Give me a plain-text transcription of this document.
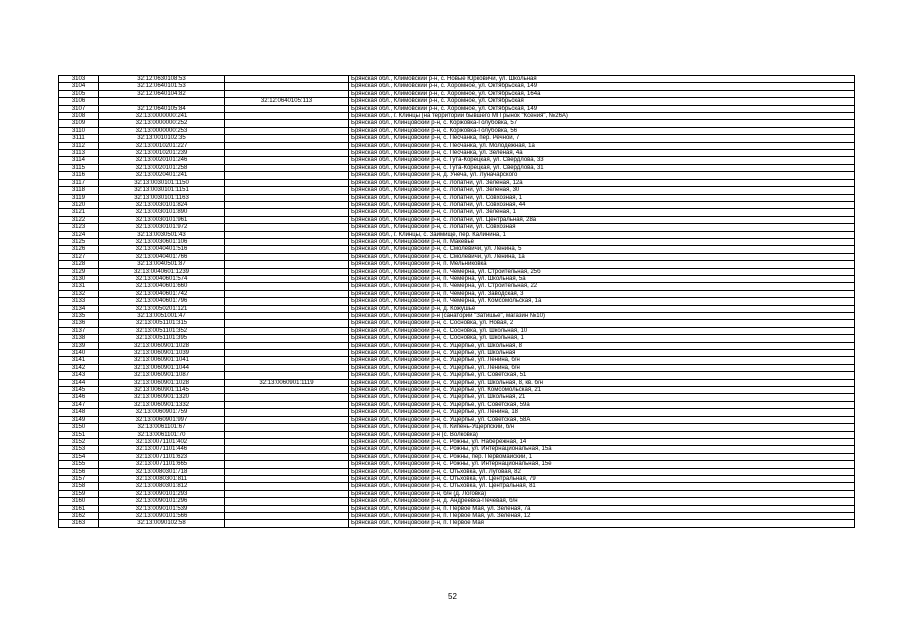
3103	32:12:0630108:53		Брянская обл., Климовский р-н, с. Новые Юрковичи, ул. Школьная
3104	32:12:0640101:53		Брянская обл., Климовский р-н, с. Хоромное, ул. Октябрьская, 149
3105	32:12:0640104:82		Брянская обл., Климовский р-н, с. Хоромное, ул. Октябрьская, 164а
3106		32:12:0640105:113	Брянская обл., Климовский р-н, с. Хоромное, ул. Октябрьская
3107	32:12:0640105:84		Брянская обл., Климовский р-н, с. Хоромное, ул. Октябрьская, 149
3108	32:13:0000000:241		Брянская обл., г. Клинцы (на территории бывшего МП рынок "Ксения", №26А)
3109	32:13:0000000:252		Брянская обл., Клинцовский р-н, с. Коржовка-Голубовка, 57
3110	32:13:0000000:253		Брянская обл., Клинцовский р-н, с. Коржовка-Голубовка, 56
3111	32:13:0010102:35		Брянская обл., Клинцовский р-н, с. Песчанка, пер. Речной, 7
3112	32:13:0010201:227		Брянская обл., Клинцовский р-н, с. Песчанка, ул. Молодежная, 1а
3113	32:13:0010201:239		Брянская обл., Клинцовский р-н, с. Песчанка, ул. Зеленая, 4а
3114	32:13:0020101:246		Брянская обл., Клинцовский р-н, с. Гута-Корецкая, ул. Свердлова, 33
3115	32:13:0020101:258		Брянская обл., Клинцовский р-н, с. Гута-Корецкая, ул. Свердлова, 31
3116	32:13:0020401:241		Брянская обл., Клинцовский р-н, д. Унеча, ул. Луначарского
3117	32:13:0030101:1150		Брянская обл., Клинцовский р-н, с. Лопатни, ул. Зеленая, 12а
3118	32:13:0030101:1151		Брянская обл., Клинцовский р-н, с. Лопатни, ул. Зеленая, 30
3119	32:13:0030101:1163		Брянская обл., Клинцовский р-н, с. Лопатни, ул. Совхозная, 1
3120	32:13:0030101:824		Брянская обл., Клинцовский р-н, с. Лопатни, ул. Совхозная, 44
3121	32:13:0030101:890		Брянская обл., Клинцовский р-н, с. Лопатни, ул. Зеленая, 1
3122	32:13:0030101:961		Брянская обл., Клинцовский р-н, с. Лопатни, ул. Центральная, 28а
3123	32:13:0030101:972		Брянская обл., Клинцовский р-н, с. Лопатни, ул. Совхозная
3124	32:13:0030501:43		Брянская обл., г. Клинцы, с. Займище, пер. Калинина, 1
3125	32:13:0030601:106		Брянская обл., Клинцовский р-н, п. Макевье
3126	32:13:0040401:516		Брянская обл., Клинцовский р-н, с. Смолевичи, ул. Ленина, 5
3127	32:13:0040401:766		Брянская обл., Клинцовский р-н, с. Смолевичи, ул. Ленина, 1а
3128	32:13:0040501:87		Брянская обл., Клинцовский р-н, п. Мельниковка
3129	32:13:0040601:1239		Брянская обл., Клинцовский р-н, п. Чемерна, ул. Строительная, 25б
3130	32:13:0040601:574		Брянская обл., Клинцовский р-н, п. Чемерна, ул. Школьная, 5а
3131	32:13:0040601:660		Брянская обл., Клинцовский р-н, п. Чемерна, ул. Строительная, 22
3132	32:13:0040601:742		Брянская обл., Клинцовский р-н, п. Чемерна, ул. Заводская, 3
3133	32:13:0040601:796		Брянская обл., Клинцовский р-н, п. Чемерна, ул. Комсомольская, 1а
3134	32:13:0050201:121		Брянская обл., Клинцовский р-н, д. Кожушье
3135	32:13:0051001:47		Брянская обл., Клинцовский р-н (санаторий "Затишье", магазин №10)
3136	32:13:0051101:315		Брянская обл., Клинцовский р-н, с. Сосновка, ул. Новая, 2
3137	32:13:0051101:352		Брянская обл., Клинцовский р-н, с. Сосновка, ул. Школьная, 10
3138	32:13:0051101:395		Брянская обл., Клинцовский р-н, с. Сосновка, ул. Школьная, 1
3139	32:13:0060901:1028		Брянская обл., Клинцовский р-н, с. Ущерпье, ул. Школьная, 8
3140	32:13:0060901:1039		Брянская обл., Клинцовский р-н, с. Ущерпье, ул. Школьная
3141	32:13:0060901:1041		Брянская обл., Клинцовский р-н, с. Ущерпье, ул. Ленина, б/н
3142	32:13:0060901:1044		Брянская обл., Клинцовский р-н, с. Ущерпье, ул. Ленина, б/н
3143	32:13:0060901:1087		Брянская обл., Клинцовский р-н, с. Ущерпье, ул. Советская, 51
3144	32:13:0060901:1028	32:13:0060901:1119	Брянская обл., Клинцовский р-н, с. Ущерпье, ул. Школьная, 8, кв. б/н
3145	32:13:0060901:1145		Брянская обл., Клинцовский р-н, с. Ущерпье, ул. Комсомольская, 21
3146	32:13:0060901:1320		Брянская обл., Клинцовский р-н, с. Ущерпье, ул. Школьная, 21
3147	32:13:0060901:1332		Брянская обл., Клинцовский р-н, с. Ущерпье, ул. Советская, 59а
3148	32:13:0060901:759		Брянская обл., Клинцовский р-н, с. Ущерпье, ул. Ленина, 18
3149	32:13:0060901:997		Брянская обл., Клинцовский р-н, с. Ущерпье, ул. Советская, 58А
3150	32:13:0061101:67		Брянская обл., Клинцовский р-н, п. Кипень-Ущерпский, б/н
3151	32:13:0061101:70		Брянская обл., Клинцовский р-н (с. Волковка)
3152	32:13:0071101:402		Брянская обл., Клинцовский р-н, с. Рожны, ул. Набережная, 14
3153	32:13:0071101:446		Брянская обл., Клинцовский р-н, с. Рожны, ул. Интернациональная, 15а
3154	32:13:0071101:623		Брянская обл., Клинцовский р-н, с. Рожны, пер. Первомайский, 1
3155	32:13:0071101:665		Брянская обл., Клинцовский р-н, с. Рожны, ул. Интернациональная, 15е
3156	32:13:0080301:718		Брянская обл., Клинцовский р-н, с. Отьховка, ул. Луговая, 82
3157	32:13:0080301:811		Брянская обл., Клинцовский р-н, с. Отьховка, ул. Центральная, 79
3158	32:13:0080301:812		Брянская обл., Клинцовский р-н, с. Отьховка, ул. Центральная, 81
3159	32:13:0090101:293		Брянская обл., Клинцовский р-н, б/н (д. Логовка)
3160	32:13:0090101:296		Брянская обл., Клинцовский р-н, д. Андреевка-Печевая, б/н
3161	32:13:0090101:539		Брянская обл., Клинцовский р-н, п. Первое Мая, ул. Зеленая, 7а
3162	32:13:0090101:566		Брянская обл., Клинцовский р-н, п. Первое Мая, ул. Зеленая, 12
3163	32:13:0090102:58		Брянская обл., Клинцовский р-н, п. Первое Мая
52
